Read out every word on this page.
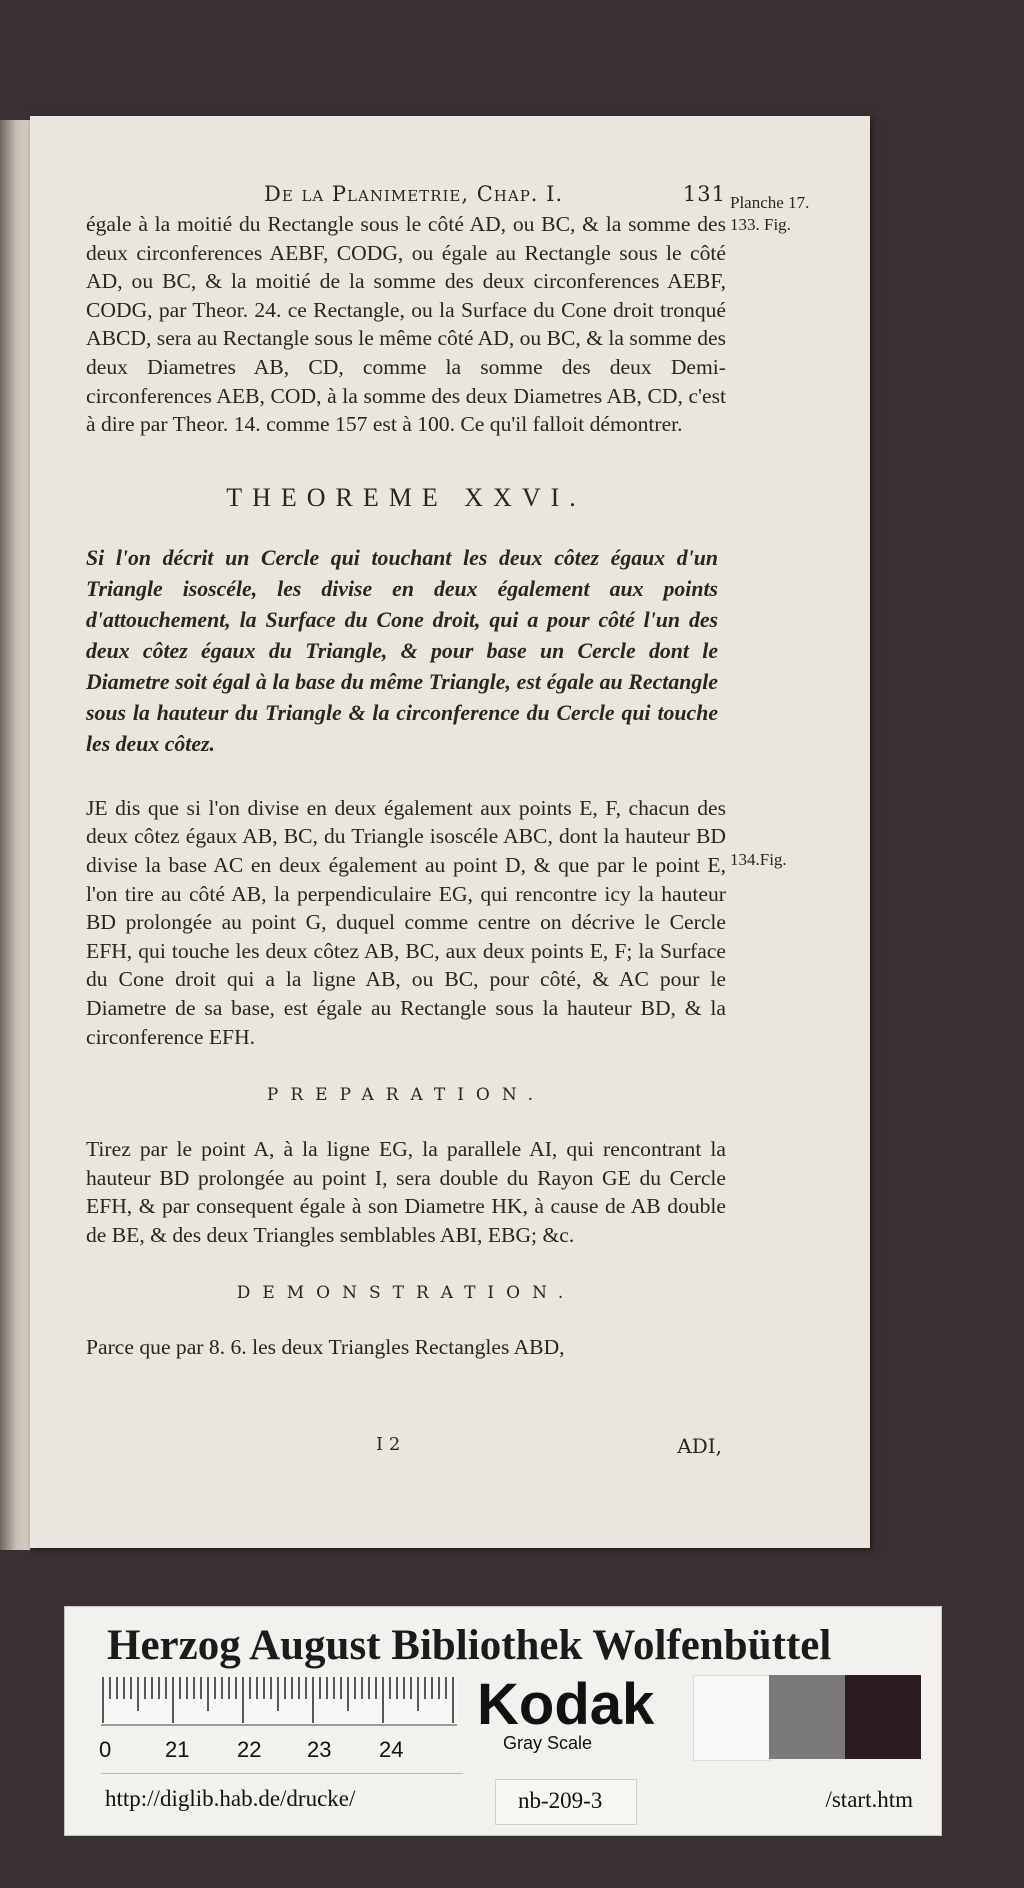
De la Planimetrie, Chap. I.	131

égale à la moitié du Rectangle sous le côté AD, ou BC, & la somme des deux circonferences AEBF, CODG, ou égale au Rectangle sous le côté AD, ou BC, & la moitié de la somme des deux circonferences AEBF, CODG, par Theor. 24. ce Rectangle, ou la Surface du Cone droit tronqué ABCD, sera au Rectangle sous le même côté AD, ou BC, & la somme des deux Diametres AB, CD, comme la somme des deux Demi-circonferences AEB, COD, à la somme des deux Diametres AB, CD, c'est à dire par Theor. 14. comme 157 est à 100. Ce qu'il falloit démontrer.

THEOREME XXVI.

Si l'on décrit un Cercle qui touchant les deux côtez égaux d'un Triangle isoscéle, les divise en deux également aux points d'attouchement, la Surface du Cone droit, qui a pour côté l'un des deux côtez égaux du Triangle, & pour base un Cercle dont le Diametre soit égal à la base du même Triangle, est égale au Rectangle sous la hauteur du Triangle & la circonference du Cercle qui touche les deux côtez.

JE dis que si l'on divise en deux également aux points E, F, chacun des deux côtez égaux AB, BC, du Triangle isoscéle ABC, dont la hauteur BD divise la base AC en deux également au point D, & que par le point E, l'on tire au côté AB, la perpendiculaire EG, qui rencontre icy la hauteur BD prolongée au point G, duquel comme centre on décrive le Cercle EFH, qui touche les deux côtez AB, BC, aux deux points E, F; la Surface du Cone droit qui a la ligne AB, ou BC, pour côté, & AC pour le Diametre de sa base, est égale au Rectangle sous la hauteur BD, & la circonference EFH.

PREPARATION.

Tirez par le point A, à la ligne EG, la parallele AI, qui rencontrant la hauteur BD prolongée au point I, sera double du Rayon GE du Cercle EFH, & par consequent égale à son Diametre HK, à cause de AB double de BE, & des deux Triangles semblables ABI, EBG; &c.

DEMONSTRATION.

Parce que par 8. 6. les deux Triangles Rectangles ABD,

I 2	ADI,
Planche 17. 133. Fig.
134.Fig.
Herzog August Bibliothek Wolfenbüttel
0 21 22 23 24
Kodak
Gray Scale
http://diglib.hab.de/drucke/	nb-209-3	/start.htm
